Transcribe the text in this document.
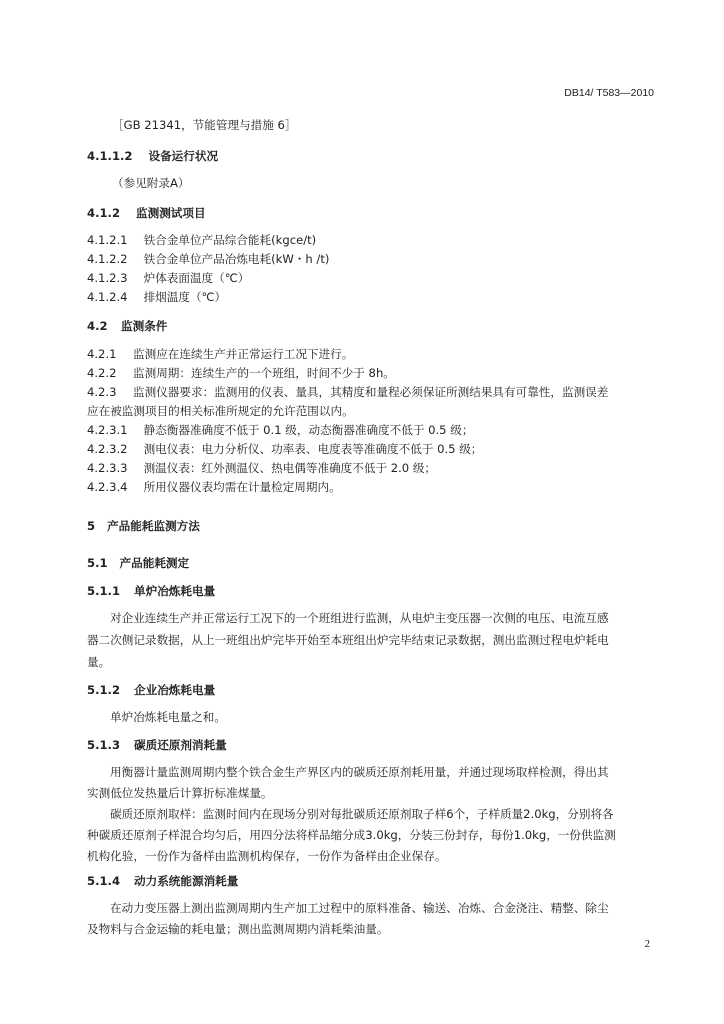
DB14/ T583—2010
［GB 21341，节能管理与措施 6］
4.1.1.2 设备运行状况
（参见附录A）
4.1.2 监测测试项目
4.1.2.1 铁合金单位产品综合能耗(kgce/t)
4.1.2.2 铁合金单位产品冶炼电耗(kW・h /t)
4.1.2.3 炉体表面温度（℃）
4.1.2.4 排烟温度（℃）
4.2 监测条件
4.2.1 监测应在连续生产并正常运行工况下进行。
4.2.2 监测周期：连续生产的一个班组，时间不少于 8h。
4.2.3 监测仪器要求：监测用的仪表、量具，其精度和量程必须保证所测结果具有可靠性，监测误差
应在被监测项目的相关标准所规定的允许范围以内。
4.2.3.1 静态衡器准确度不低于 0.1 级，动态衡器准确度不低于 0.5 级；
4.2.3.2 测电仪表：电力分析仪、功率表、电度表等准确度不低于 0.5 级；
4.2.3.3 测温仪表：红外测温仪、热电偶等准确度不低于 2.0 级；
4.2.3.4 所用仪器仪表均需在计量检定周期内。
5 产品能耗监测方法
5.1 产品能耗测定
5.1.1 单炉冶炼耗电量
对企业连续生产并正常运行工况下的一个班组进行监测，从电炉主变压器一次侧的电压、电流互感
器二次侧记录数据，从上一班组出炉完毕开始至本班组出炉完毕结束记录数据，测出监测过程电炉耗电
量。
5.1.2 企业冶炼耗电量
单炉冶炼耗电量之和。
5.1.3 碳质还原剂消耗量
用衡器计量监测周期内整个铁合金生产界区内的碳质还原剂耗用量，并通过现场取样检测，得出其
实测低位发热量后计算折标准煤量。
碳质还原剂取样：监测时间内在现场分别对每批碳质还原剂取子样6个，子样质量2.0kg，分别将各
种碳质还原剂子样混合均匀后，用四分法将样品缩分成3.0kg，分装三份封存，每份1.0kg，一份供监测
机构化验，一份作为备样由监测机构保存，一份作为备样由企业保存。
5.1.4 动力系统能源消耗量
在动力变压器上测出监测周期内生产加工过程中的原料准备、输送、冶炼、合金浇注、精整、除尘
及物料与合金运输的耗电量；测出监测周期内消耗柴油量。
2
